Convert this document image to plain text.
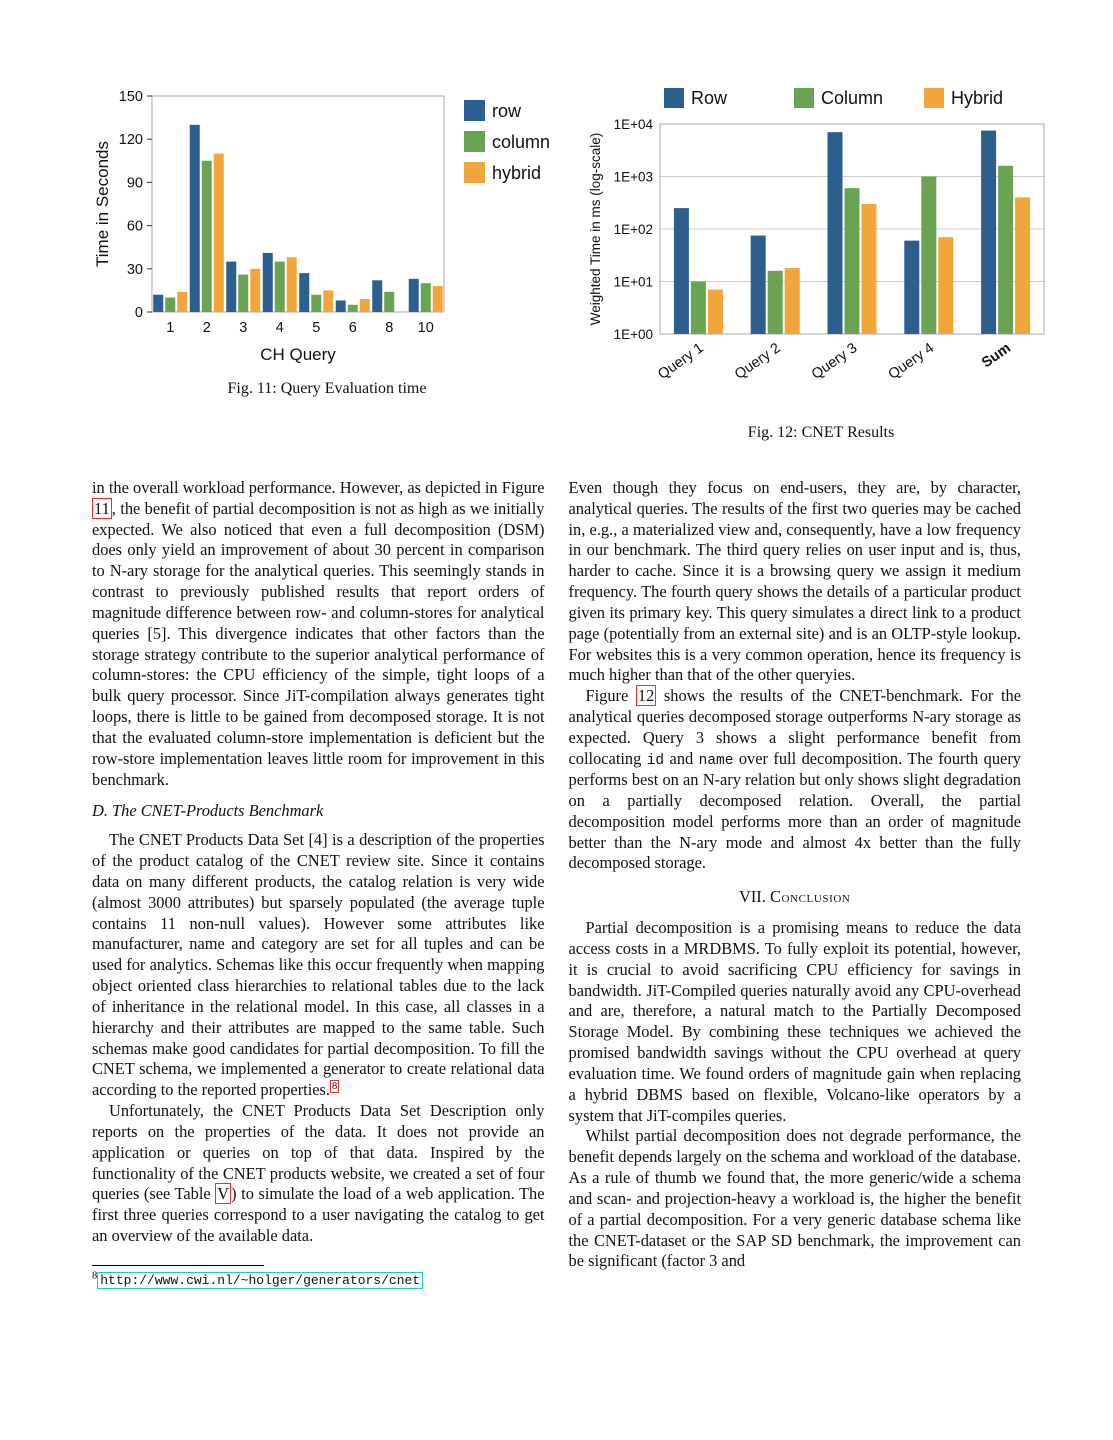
0
30
60
90
120
150
1 2 3 4 5 6 8 10
Time in Seconds
CH Query
row
column
hybrid
Fig. 11: Query Evaluation time
1E+00
1E+01
1E+02
1E+03
1E+04
Query 1 Query 2 Query 3 Query 4	Sum
Weighted Time in ms (log-scale)
Row	Column	Hybrid
Fig. 12: CNET Results

in the overall workload performance. However, as depicted in Figure 11 , the benefit of partial decomposition is not as high as we initially expected. We also noticed that even a full decomposition (DSM) does only yield an improvement of about 30 percent in comparison to N-ary storage for the analytical queries. This seemingly stands in contrast to previously published results that report orders of magnitude difference between row- and column-stores for analytical queries [5]. This divergence indicates that other factors than the storage strategy contribute to the superior analytical performance of column-stores: the CPU efficiency of the simple, tight loops of a bulk query processor. Since JiT-compilation always generates tight loops, there is little to be gained from decomposed storage. It is not that the evaluated column-store implementation is deficient but the row-store implementation leaves little room for improvement in this benchmark.

D. The CNET-Products Benchmark

The CNET Products Data Set [4] is a description of the properties of the product catalog of the CNET review site. Since it contains data on many different products, the catalog relation is very wide (almost 3000 attributes) but sparsely populated (the average tuple contains 11 non-null values). However some attributes like manufacturer, name and category are set for all tuples and can be used for analytics. Schemas like this occur frequently when mapping object oriented class hierarchies to relational tables due to the lack of inheritance in the relational model. In this case, all classes in a hierarchy and their attributes are mapped to the same table. Such schemas make good candidates for partial decomposition. To fill the CNET schema, we implemented a generator to create relational data according to the reported properties. $^8$

Unfortunately, the CNET Products Data Set Description only reports on the properties of the data. It does not provide an application or queries on top of that data. Inspired by the functionality of the CNET products website, we created a set of four queries (see Table V ) to simulate the load of a web application. The first three queries correspond to a user navigating the catalog to get an overview of the available data.

$^8$ http://www.cwi.nl/~holger/generators/cnet

Even though they focus on end-users, they are, by character, analytical queries. The results of the first two queries may be cached in, e.g., a materialized view and, consequently, have a low frequency in our benchmark. The third query relies on user input and is, thus, harder to cache. Since it is a browsing query we assign it medium frequency. The fourth query shows the details of a particular product given its primary key. This query simulates a direct link to a product page (potentially from an external site) and is an OLTP-style lookup. For websites this is a very common operation, hence its frequency is much higher than that of the other queryies.

Figure 12 shows the results of the CNET-benchmark. For the analytical queries decomposed storage outperforms N-ary storage as expected. Query 3 shows a slight performance benefit from collocating id and name over full decomposition. The fourth query performs best on an N-ary relation but only shows slight degradation on a partially decomposed relation. Overall, the partial decomposition model performs more than an order of magnitude better than the N-ary mode and almost 4x better than the fully decomposed storage.

VII. Conclusion

Partial decomposition is a promising means to reduce the data access costs in a MRDBMS. To fully exploit its potential, however, it is crucial to avoid sacrificing CPU efficiency for savings in bandwidth. JiT-Compiled queries naturally avoid any CPU-overhead and are, therefore, a natural match to the Partially Decomposed Storage Model. By combining these techniques we achieved the promised bandwidth savings without the CPU overhead at query evaluation time. We found orders of magnitude gain when replacing a hybrid DBMS based on flexible, Volcano-like operators by a system that JiT-compiles queries.

Whilst partial decomposition does not degrade performance, the benefit depends largely on the schema and workload of the database. As a rule of thumb we found that, the more generic/wide a schema and scan- and projection-heavy a workload is, the higher the benefit of a partial decomposition. For a very generic database schema like the CNET-dataset or the SAP SD benchmark, the improvement can be significant (factor 3 and
